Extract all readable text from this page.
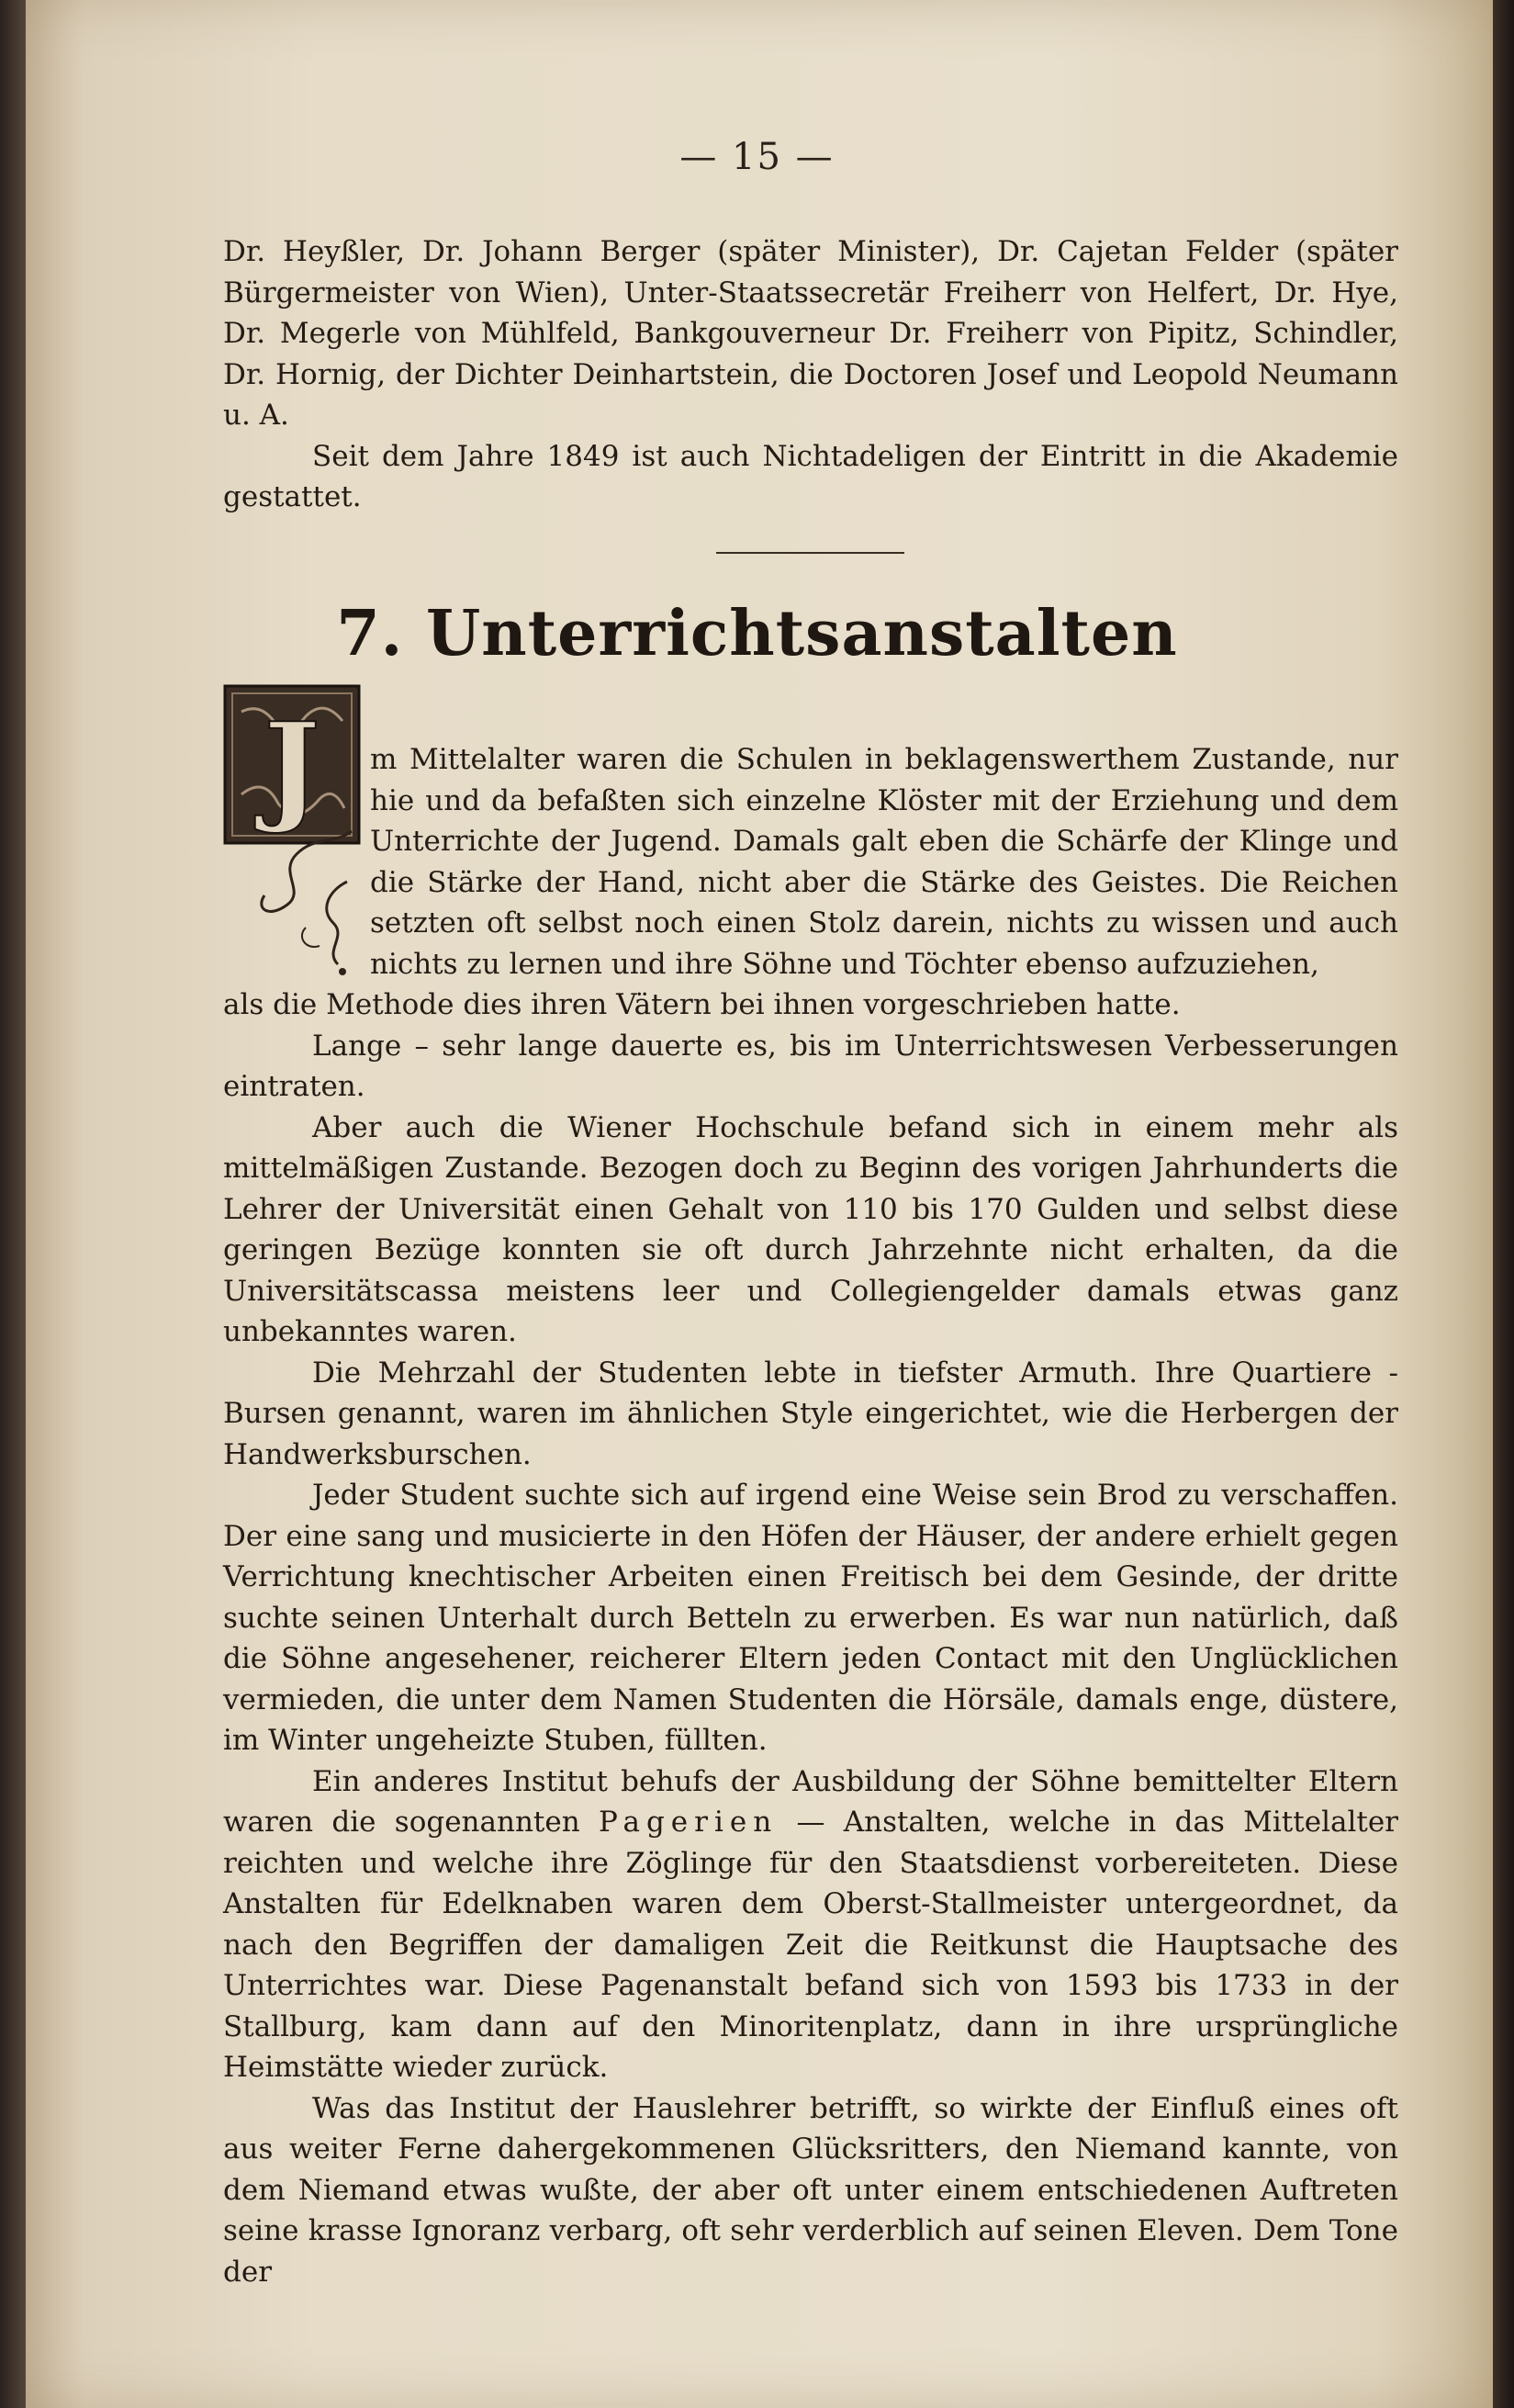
— 15 —

Dr. Heyßler, Dr. Johann Berger (später Minister), Dr. Cajetan Felder (später Bürgermeister von Wien), Unter-Staatssecretär Freiherr von Helfert, Dr. Hye, Dr. Megerle von Mühlfeld, Bankgouverneur Dr. Freiherr von Pipitz, Schindler, Dr. Hornig, der Dichter Deinhartstein, die Doctoren Josef und Leopold Neumann u. A.

Seit dem Jahre 1849 ist auch Nichtadeligen der Eintritt in die Akademie gestattet.

7. Unterrichtsanstalten
J	m Mittelalter waren die Schulen in beklagenswerthem Zustande, nur hie und da befaßten sich einzelne Klöster mit der Erziehung und dem Unterrichte der Jugend. Damals galt eben die Schärfe der Klinge und die Stärke der Hand, nicht aber die Stärke des Geistes. Die Reichen setzten oft selbst noch einen Stolz darein, nichts zu wissen und auch nichts zu lernen und ihre Söhne und Töchter ebenso aufzuziehen,

als die Methode dies ihren Vätern bei ihnen vorgeschrieben hatte.

Lange – sehr lange dauerte es, bis im Unterrichtswesen Verbesserungen eintraten.

Aber auch die Wiener Hochschule befand sich in einem mehr als mittelmäßigen Zustande. Bezogen doch zu Beginn des vorigen Jahrhunderts die Lehrer der Universität einen Gehalt von 110 bis 170 Gulden und selbst diese geringen Bezüge konnten sie oft durch Jahrzehnte nicht erhalten, da die Universitätscassa meistens leer und Collegiengelder damals etwas ganz unbekanntes waren.

Die Mehrzahl der Studenten lebte in tiefster Armuth. Ihre Quartiere - Bursen genannt, waren im ähnlichen Style eingerichtet, wie die Herbergen der Handwerksburschen.

Jeder Student suchte sich auf irgend eine Weise sein Brod zu verschaffen. Der eine sang und musicierte in den Höfen der Häuser, der andere erhielt gegen Verrichtung knechtischer Arbeiten einen Freitisch bei dem Gesinde, der dritte suchte seinen Unterhalt durch Betteln zu erwerben. Es war nun natürlich, daß die Söhne angesehener, reicherer Eltern jeden Contact mit den Unglücklichen vermieden, die unter dem Namen Studenten die Hörsäle, damals enge, düstere, im Winter ungeheizte Stuben, füllten.

Ein anderes Institut behufs der Ausbildung der Söhne bemittelter Eltern waren die sogenannten Pagerien — Anstalten, welche in das Mittelalter reichten und welche ihre Zöglinge für den Staatsdienst vorbereiteten. Diese Anstalten für Edelknaben waren dem Oberst-Stallmeister untergeordnet, da nach den Begriffen der damaligen Zeit die Reitkunst die Hauptsache des Unterrichtes war. Diese Pagenanstalt befand sich von 1593 bis 1733 in der Stallburg, kam dann auf den Minoritenplatz, dann in ihre ursprüngliche Heimstätte wieder zurück.

Was das Institut der Hauslehrer betrifft, so wirkte der Einfluß eines oft aus weiter Ferne dahergekommenen Glücksritters, den Niemand kannte, von dem Niemand etwas wußte, der aber oft unter einem entschiedenen Auftreten seine krasse Ignoranz verbarg, oft sehr verderblich auf seinen Eleven. Dem Tone der
